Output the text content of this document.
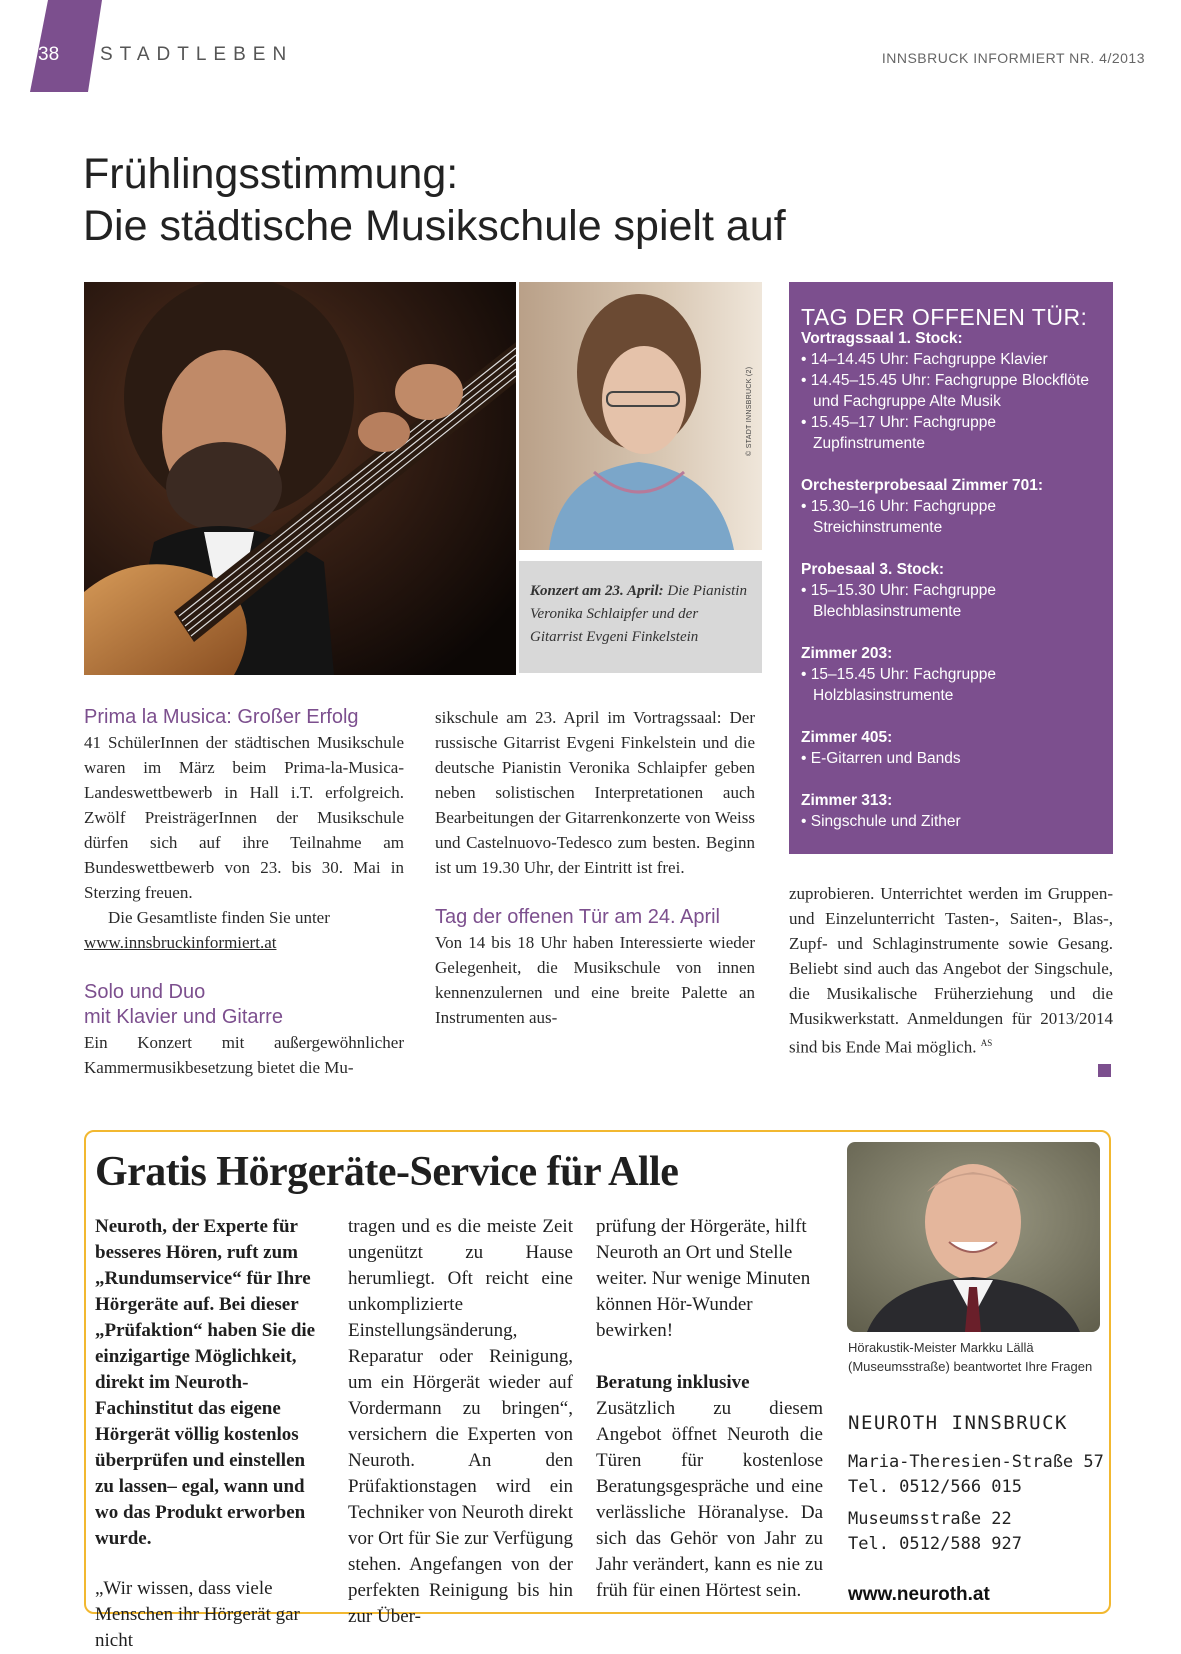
38 STADTLEBEN	INNSBRUCK INFORMIERT NR. 4/2013
Frühlingsstimmung:
Die städtische Musikschule spielt auf
© STADT INNSBRUCK (2)
Konzert am 23. April: Die Pianistin Veronika Schlaipfer und der Gitarrist Evgeni Finkelstein
TAG DER OFFENEN TÜR:
Vortragssaal 1. Stock:
• 14–14.45 Uhr: Fachgruppe Klavier
• 14.45–15.45 Uhr: Fachgruppe Blockflöte und Fachgruppe Alte Musik
• 15.45–17 Uhr: Fachgruppe Zupfinstrumente
Orchesterprobesaal Zimmer 701:
• 15.30–16 Uhr: Fachgruppe Streichinstrumente
Probesaal 3. Stock:
• 15–15.30 Uhr: Fachgruppe Blechblasinstrumente
Zimmer 203:
• 15–15.45 Uhr: Fachgruppe Holzblasinstrumente
Zimmer 405:
• E-Gitarren und Bands
Zimmer 313:
• Singschule und Zither

Prima la Musica: Großer Erfolg

41 SchülerInnen der städtischen Musikschule waren im März beim Prima-la-Musica-Landeswettbewerb in Hall i.T. erfolgreich. Zwölf PreisträgerInnen der Musikschule dürfen sich auf ihre Teilnahme am Bundeswettbewerb von 23. bis 30. Mai in Sterzing freuen.

Die Gesamtliste finden Sie unter

www.innsbruckinformiert.at

Solo und Duo

mit Klavier und Gitarre

Ein Konzert mit außergewöhnlicher Kammermusikbesetzung bietet die Mu-

sikschule am 23. April im Vortragssaal: Der russische Gitarrist Evgeni Finkelstein und die deutsche Pianistin Veronika Schlaipfer geben neben solistischen Interpretationen auch Bearbeitungen der Gitarrenkonzerte von Weiss und Castelnuovo-Tedesco zum besten. Beginn ist um 19.30 Uhr, der Eintritt ist frei.

Tag der offenen Tür am 24. April

Von 14 bis 18 Uhr haben Interessierte wieder Gelegenheit, die Musikschule von innen kennenzulernen und eine breite Palette an Instrumenten aus-

zuprobieren. Unterrichtet werden im Gruppen- und Einzelunterricht Tasten-, Saiten-, Blas-, Zupf- und Schlaginstrumente sowie Gesang. Beliebt sind auch das Angebot der Singschule, die Musikalische Früherziehung und die Musikwerkstatt. Anmeldungen für 2013/2014 sind bis Ende Mai möglich. $^{AS}$

Gratis Hörgeräte-Service für Alle

Neuroth, der Experte für besseres Hören, ruft zum „Rundumservice“ für Ihre Hörgeräte auf. Bei dieser „Prüfaktion“ haben Sie die einzigartige Möglichkeit, direkt im Neuroth-Fachinstitut das eigene Hörgerät völlig kostenlos überprüfen und einstellen zu lassen– egal, wann und wo das Produkt erworben wurde.

„Wir wissen, dass viele Menschen ihr Hörgerät gar nicht

tragen und es die meiste Zeit ungenützt zu Hause herumliegt. Oft reicht eine unkomplizierte Einstellungsänderung, Reparatur oder Reinigung, um ein Hörgerät wieder auf Vordermann zu bringen“, versichern die Experten von Neuroth. An den Prüfaktionstagen wird ein Techniker von Neuroth direkt vor Ort für Sie zur Verfügung stehen. Angefangen von der perfekten Reinigung bis hin zur Über-

prüfung der Hörgeräte, hilft Neuroth an Ort und Stelle weiter. Nur wenige Minuten können Hör-Wunder bewirken!

Beratung inklusive

Zusätzlich zu diesem Angebot öffnet Neuroth die Türen für kostenlose Beratungsgespräche und eine verlässliche Höranalyse. Da sich das Gehör von Jahr zu Jahr verändert, kann es nie zu früh für einen Hörtest sein.

Hörakustik-Meister Markku Lällä (Museumsstraße) beantwortet Ihre Fragen
NEUROTH INNSBRUCK
Maria-Theresien-Straße 57
Tel. 0512/566 015
Museumsstraße 22
Tel. 0512/588 927
www.neuroth.at
